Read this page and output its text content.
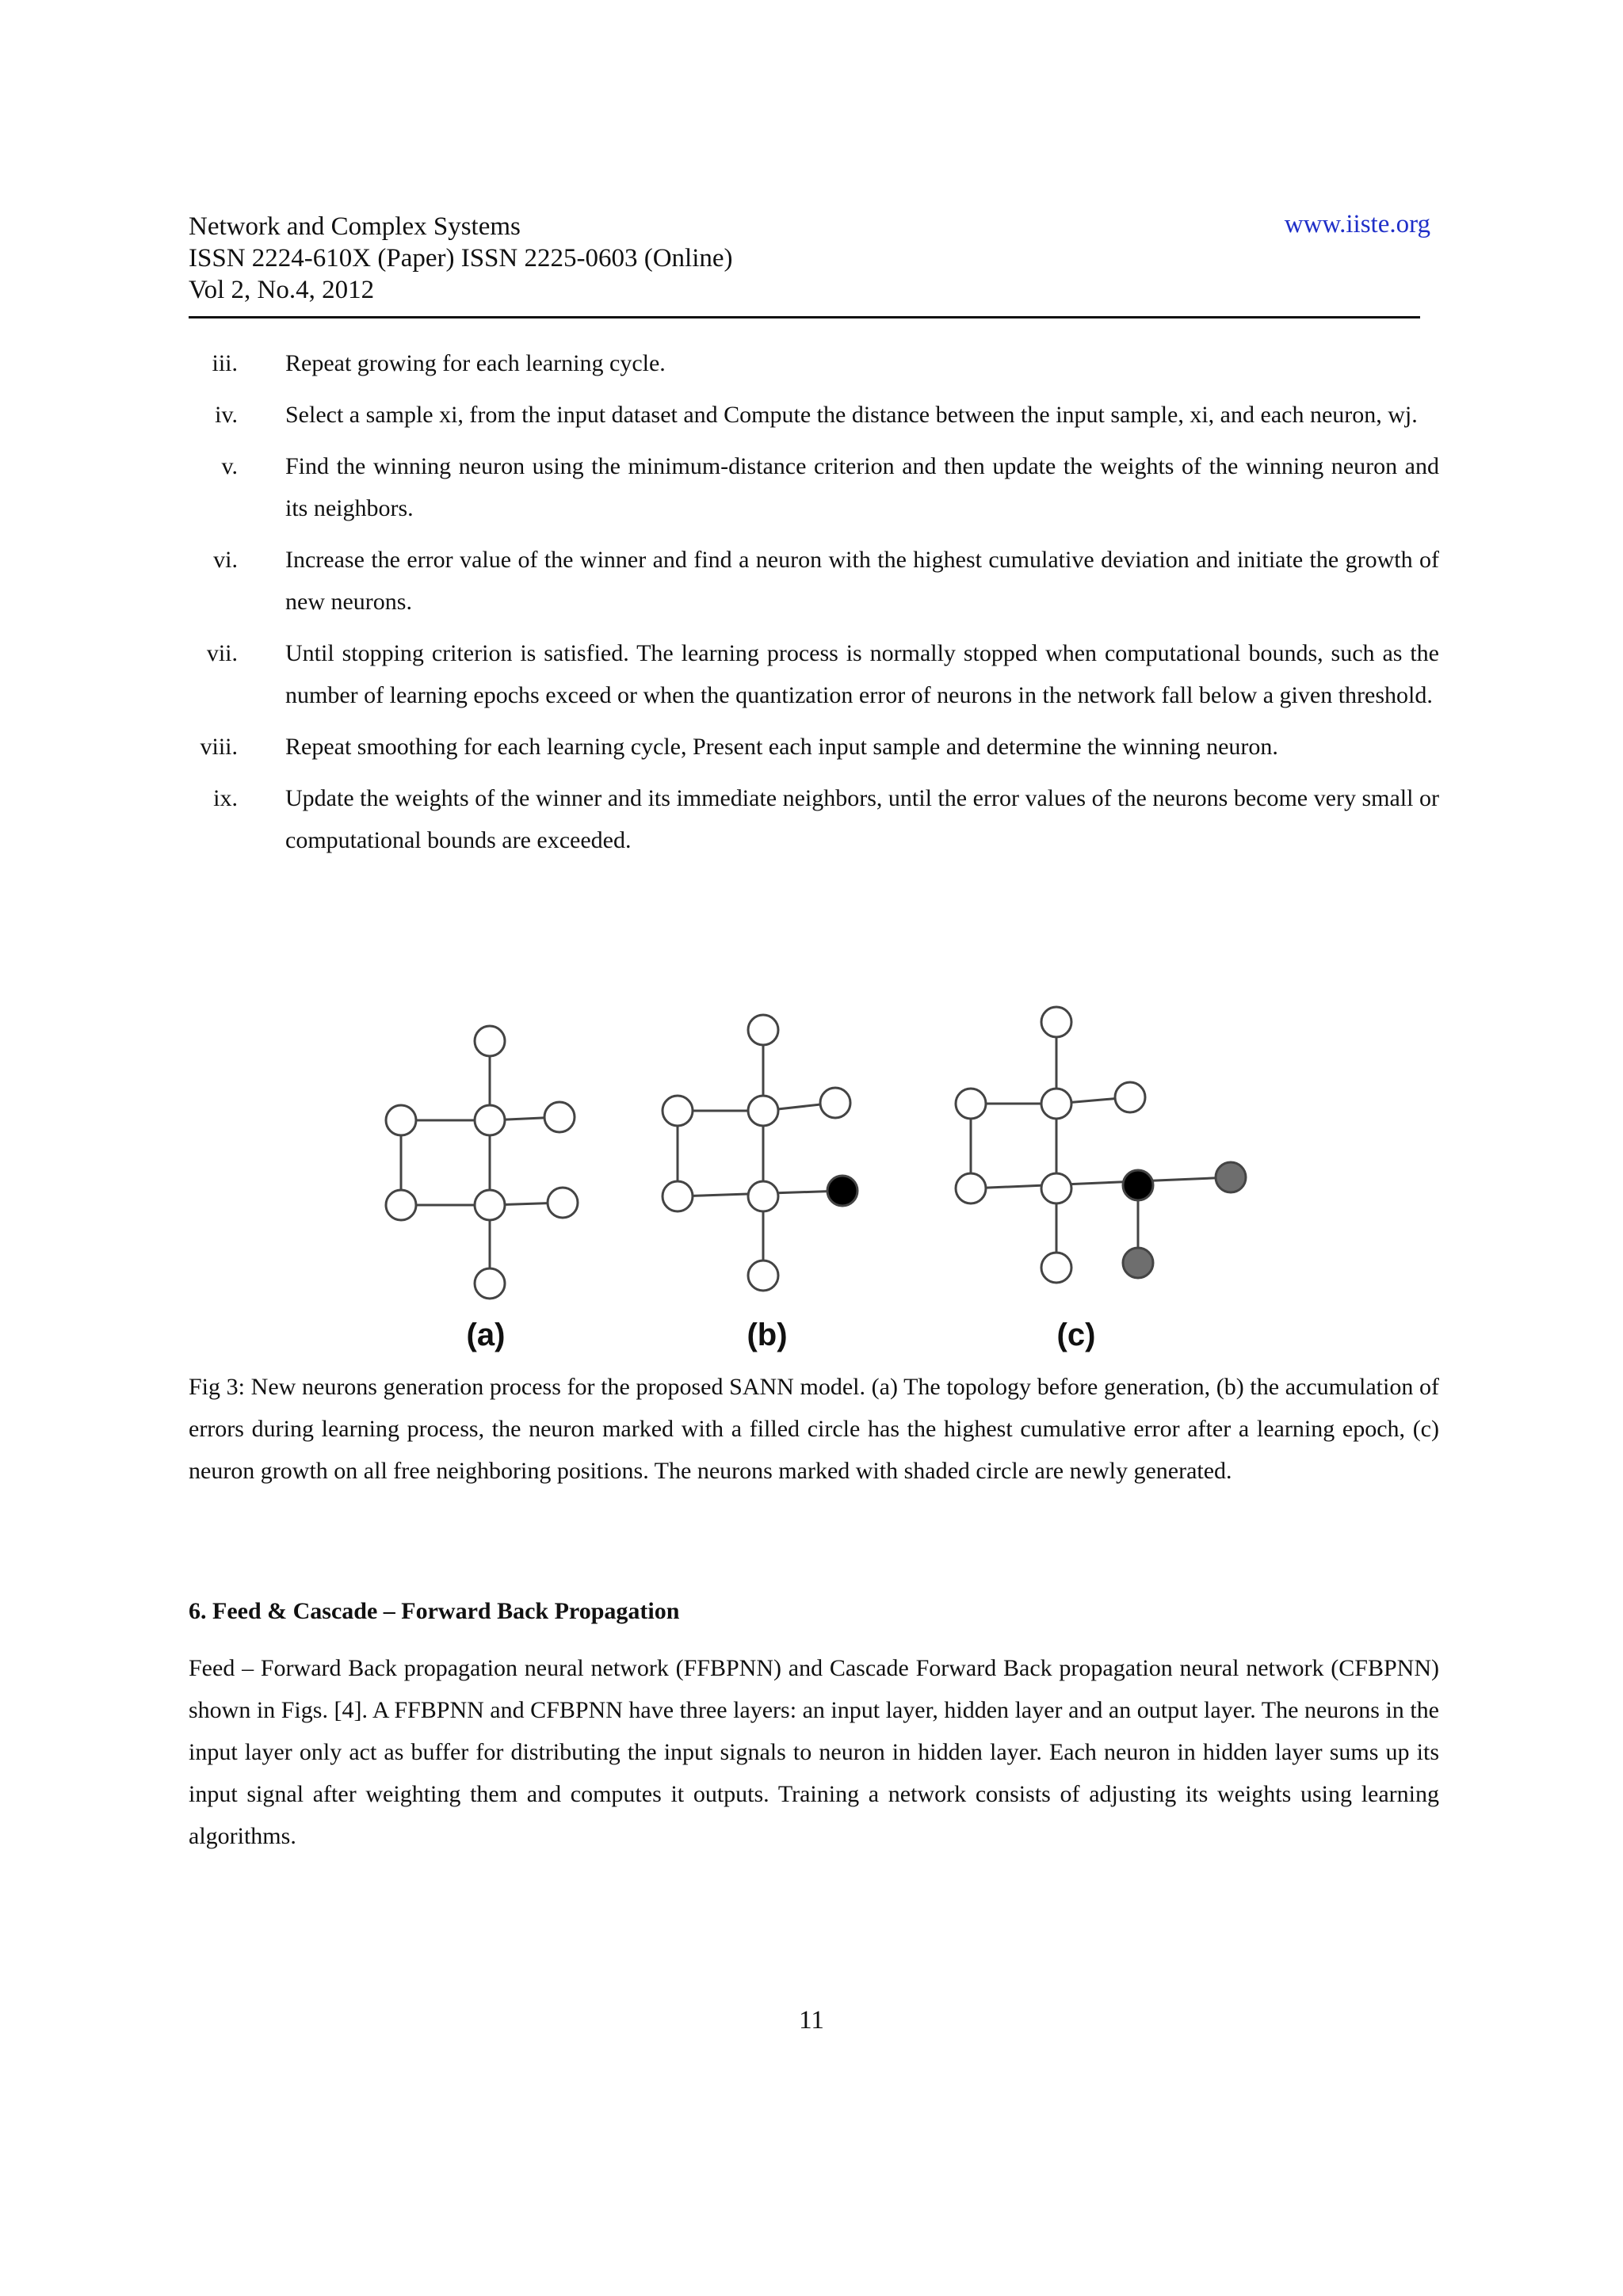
Network and Complex Systems
ISSN 2224-610X (Paper) ISSN 2225-0603 (Online)
Vol 2, No.4, 2012
www.iiste.org
iii. Repeat growing for each learning cycle.
iv. Select a sample xi, from the input dataset and Compute the distance between the input sample, xi, and each neuron, wj.
v. Find the winning neuron using the minimum-distance criterion and then update the weights of the winning neuron and its neighbors.
vi. Increase the error value of the winner and find a neuron with the highest cumulative deviation and initiate the growth of new neurons.
vii. Until stopping criterion is satisfied. The learning process is normally stopped when computational bounds, such as the number of learning epochs exceed or when the quantization error of neurons in the network fall below a given threshold.
viii. Repeat smoothing for each learning cycle, Present each input sample and determine the winning neuron.
ix. Update the weights of the winner and its immediate neighbors, until the error values of the neurons become very small or computational bounds are exceeded.
(a)	(b)	(c)
Fig 3: New neurons generation process for the proposed SANN model. (a) The topology before generation, (b) the accumulation of errors during learning process, the neuron marked with a filled circle has the highest cumulative error after a learning epoch, (c) neuron growth on all free neighboring positions. The neurons marked with shaded circle are newly generated.
6. Feed & Cascade – Forward Back Propagation
Feed – Forward Back propagation neural network (FFBPNN) and Cascade Forward Back propagation neural network (CFBPNN) shown in Figs. [4]. A FFBPNN and CFBPNN have three layers: an input layer, hidden layer and an output layer. The neurons in the input layer only act as buffer for distributing the input signals to neuron in hidden layer. Each neuron in hidden layer sums up its input signal after weighting them and computes it outputs. Training a network consists of adjusting its weights using learning algorithms.
11
